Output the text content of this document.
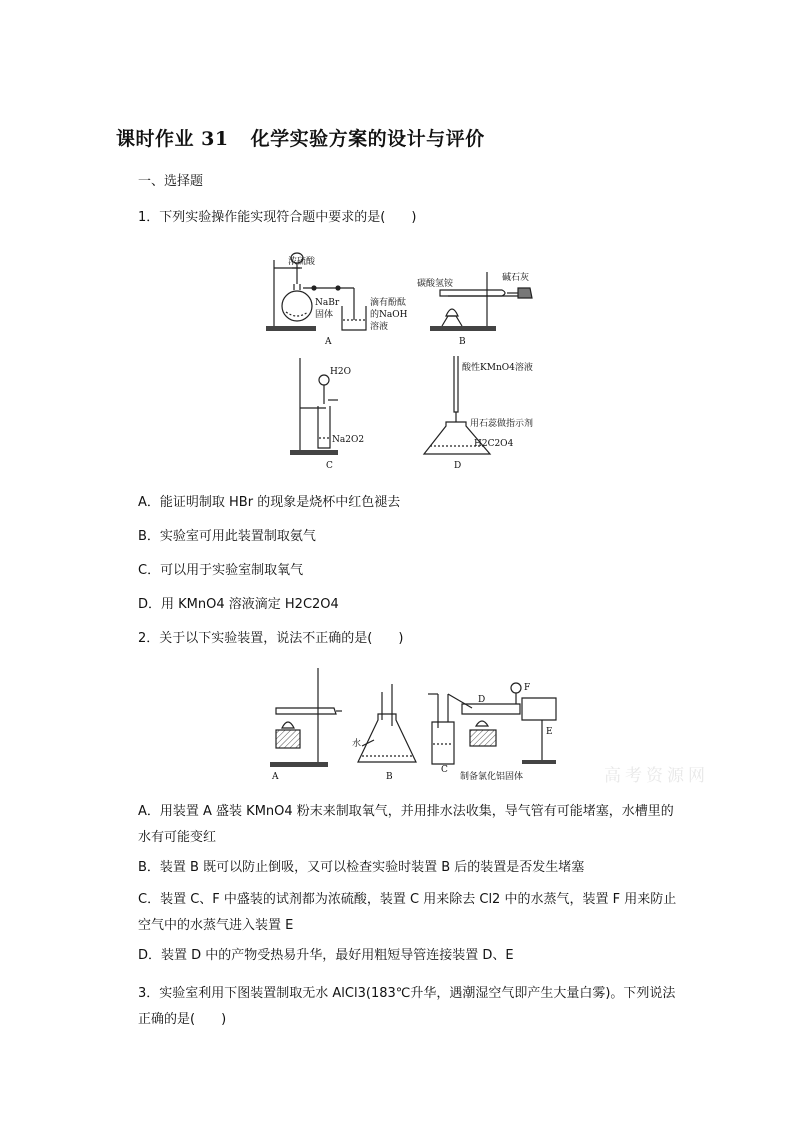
课时作业 31 化学实验方案的设计与评价
一、选择题
1．下列实验操作能实现符合题中要求的是(　　)
浓硫酸
NaBr
固体
滴有酚酞
的NaOH
溶液
A
碳酸氢铵
碱石灰
B
H2O
Na2O2
C
酸性KMnO4溶液
用石蕊做指示剂
H2C2O4
D
A．能证明制取 HBr 的现象是烧杯中红色褪去
B．实验室可用此装置制取氨气
C．可以用于实验室制取氧气
D．用 KMnO4 溶液滴定 H2C2O4
2．关于以下实验装置，说法不正确的是(　　)
A
水
B
D
C
E
F
制备氯化铝固体	高考资源网
A．用装置 A 盛装 KMnO4 粉末来制取氧气，并用排水法收集，导气管有可能堵塞，水槽里的水有可能变红
B．装置 B 既可以防止倒吸，又可以检查实验时装置 B 后的装置是否发生堵塞
C．装置 C、F 中盛装的试剂都为浓硫酸，装置 C 用来除去 Cl2 中的水蒸气，装置 F 用来防止空气中的水蒸气进入装置 E
D．装置 D 中的产物受热易升华，最好用粗短导管连接装置 D、E
3．实验室利用下图装置制取无水 AlCl3(183℃升华，遇潮湿空气即产生大量白雾)。下列说法正确的是(　　)
